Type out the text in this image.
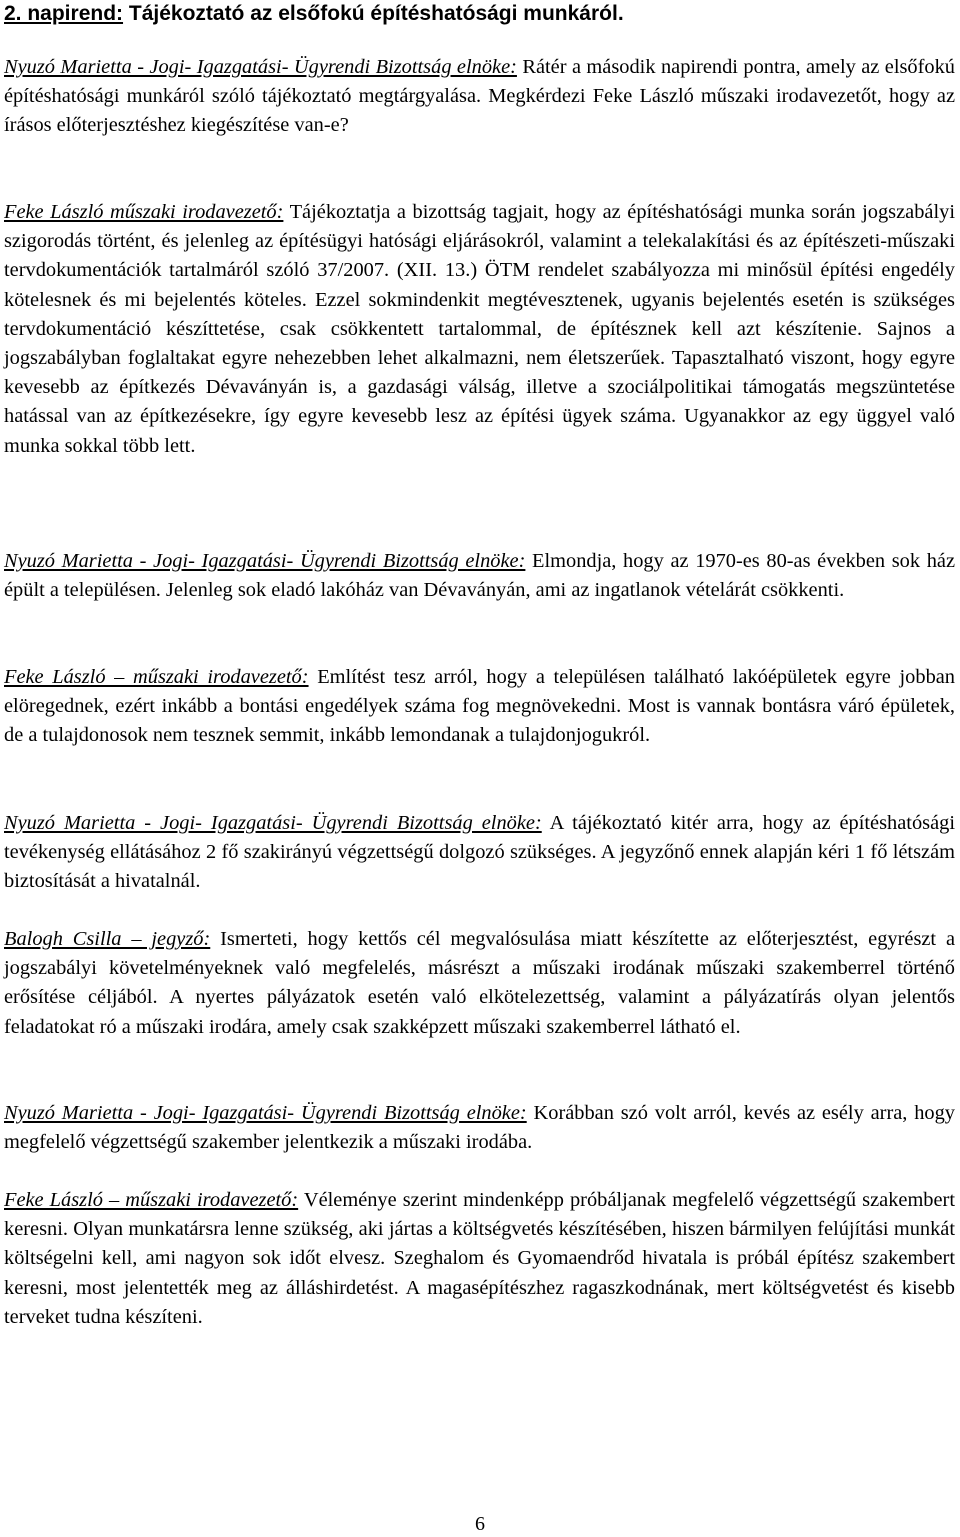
2. napirend: Tájékoztató az elsőfokú építéshatósági munkáról.
Nyuzó Marietta - Jogi- Igazgatási- Ügyrendi Bizottság elnöke: Rátér a második napirendi pontra, amely az elsőfokú építéshatósági munkáról szóló tájékoztató megtárgyalása. Megkérdezi Feke László műszaki irodavezetőt, hogy az írásos előterjesztéshez kiegészítése van-e?
Feke László műszaki irodavezető: Tájékoztatja a bizottság tagjait, hogy az építéshatósági munka során jogszabályi szigorodás történt, és jelenleg az építésügyi hatósági eljárásokról, valamint a telekalakítási és az építészeti-műszaki tervdokumentációk tartalmáról szóló 37/2007. (XII. 13.) ÖTM rendelet szabályozza mi minősül építési engedély kötelesnek és mi bejelentés köteles. Ezzel sokmindenkit megtévesztenek, ugyanis bejelentés esetén is szükséges tervdokumentáció készíttetése, csak csökkentett tartalommal, de építésznek kell azt készítenie. Sajnos a jogszabályban foglaltakat egyre nehezebben lehet alkalmazni, nem életszerűek. Tapasztalható viszont, hogy egyre kevesebb az építkezés Dévaványán is, a gazdasági válság, illetve a szociálpolitikai támogatás megszüntetése hatással van az építkezésekre, így egyre kevesebb lesz az építési ügyek száma. Ugyanakkor az egy üggyel való munka sokkal több lett.
Nyuzó Marietta - Jogi- Igazgatási- Ügyrendi Bizottság elnöke: Elmondja, hogy az 1970-es 80-as években sok ház épült a településen. Jelenleg sok eladó lakóház van Dévaványán, ami az ingatlanok vételárát csökkenti.
Feke László – műszaki irodavezető: Említést tesz arról, hogy a településen található lakóépületek egyre jobban elöregednek, ezért inkább a bontási engedélyek száma fog megnövekedni. Most is vannak bontásra váró épületek, de a tulajdonosok nem tesznek semmit, inkább lemondanak a tulajdonjogukról.
Nyuzó Marietta - Jogi- Igazgatási- Ügyrendi Bizottság elnöke: A tájékoztató kitér arra, hogy az építéshatósági tevékenység ellátásához 2 fő szakirányú végzettségű dolgozó szükséges. A jegyzőnő ennek alapján kéri 1 fő létszám biztosítását a hivatalnál.
Balogh Csilla – jegyző: Ismerteti, hogy kettős cél megvalósulása miatt készítette az előterjesztést, egyrészt a jogszabályi követelményeknek való megfelelés, másrészt a műszaki irodának műszaki szakemberrel történő erősítése céljából. A nyertes pályázatok esetén való elkötelezettség, valamint a pályázatírás olyan jelentős feladatokat ró a műszaki irodára, amely csak szakképzett műszaki szakemberrel látható el.
Nyuzó Marietta - Jogi- Igazgatási- Ügyrendi Bizottság elnöke: Korábban szó volt arról, kevés az esély arra, hogy megfelelő végzettségű szakember jelentkezik a műszaki irodába.
Feke László – műszaki irodavezető: Véleménye szerint mindenképp próbáljanak megfelelő végzettségű szakembert keresni. Olyan munkatársra lenne szükség, aki jártas a költségvetés készítésében, hiszen bármilyen felújítási munkát költségelni kell, ami nagyon sok időt elvesz. Szeghalom és Gyomaendrőd hivatala is próbál építész szakembert keresni, most jelentették meg az álláshirdetést. A magasépítészhez ragaszkodnának, mert költségvetést és kisebb terveket tudna készíteni.
6
